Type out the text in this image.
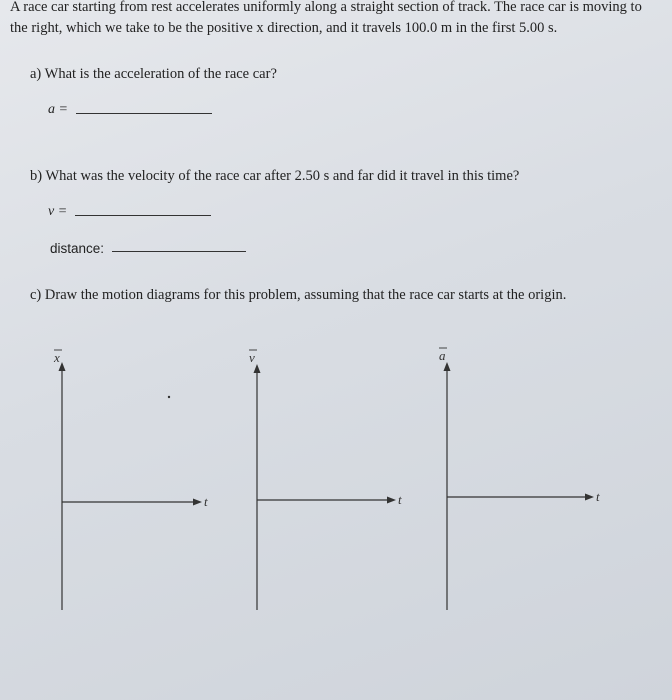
A race car starting from rest accelerates uniformly along a straight section of track. The race car is moving to the right, which we take to be the positive x direction, and it travels 100.0 m in the first 5.00 s.
a) What is the acceleration of the race car?
a =
b) What was the velocity of the race car after 2.50 s and far did it travel in this time?
v =
distance:
c) Draw the motion diagrams for this problem, assuming that the race car starts at the origin.
x
t
v
t
a
t
